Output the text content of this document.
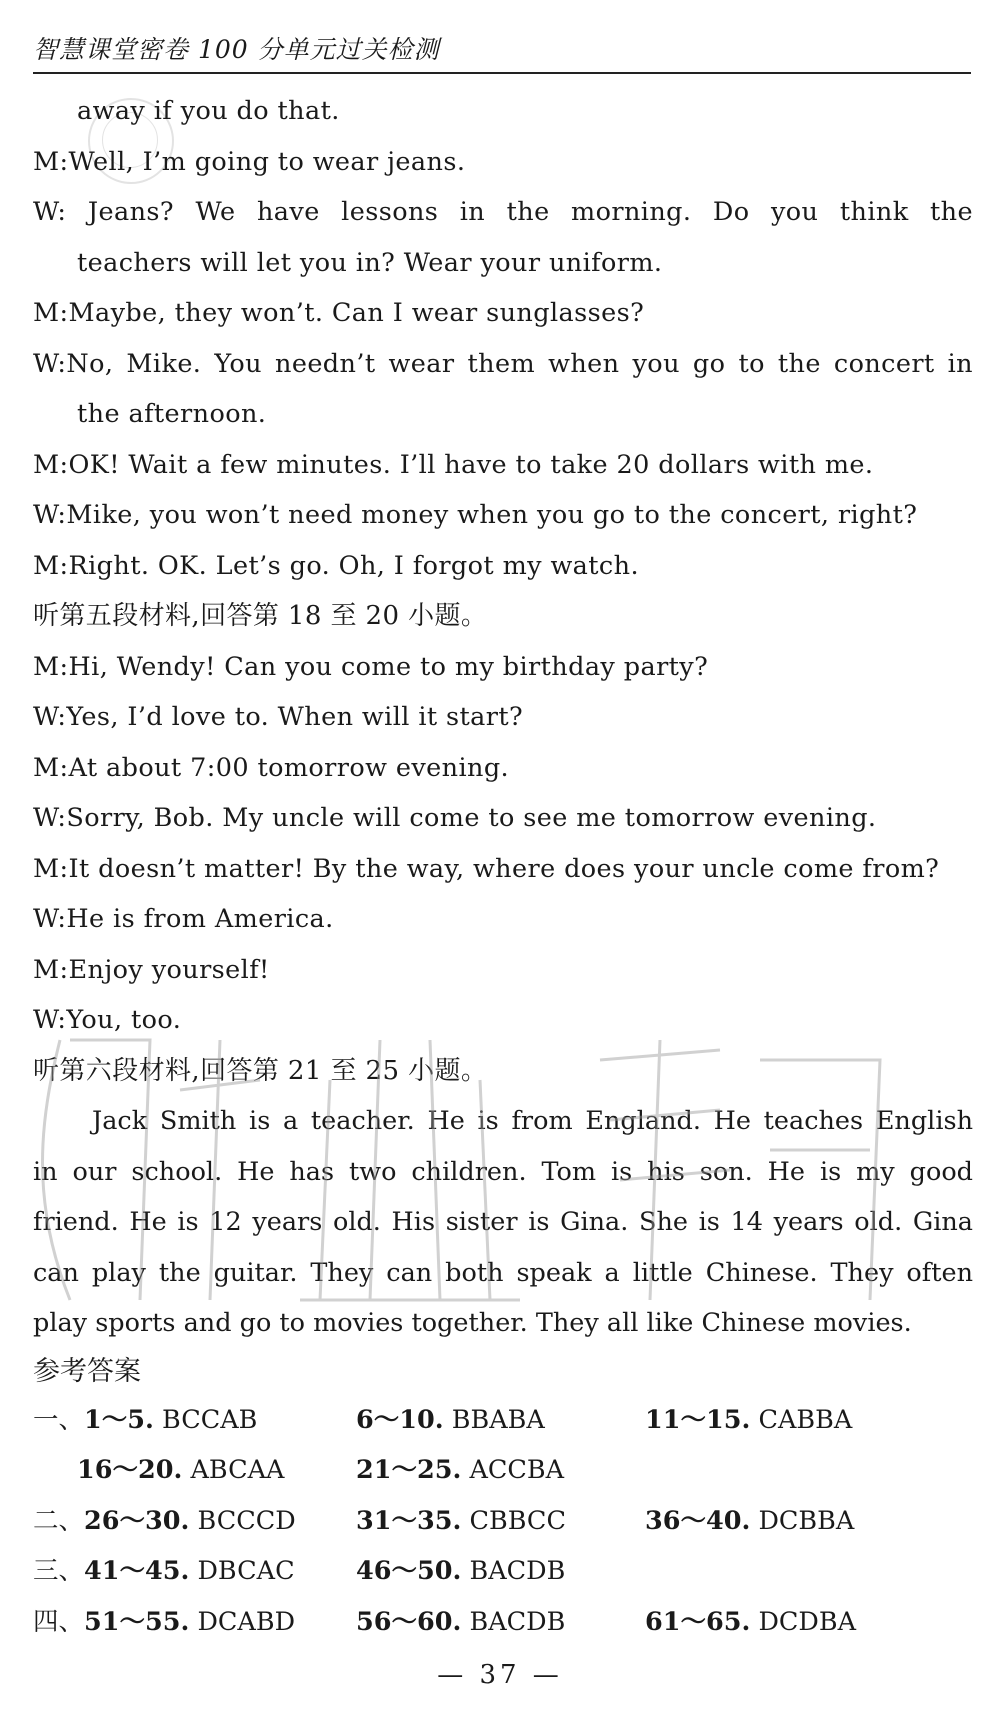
智慧课堂密卷 100 分单元过关检测
away if you do that.
M:Well, I’m going to wear jeans.
W: Jeans? We have lessons in the morning. Do you think the
teachers will let you in? Wear your uniform.
M:Maybe, they won’t. Can I wear sunglasses?
W:No, Mike. You needn’t wear them when you go to the concert in
the afternoon.
M:OK! Wait a few minutes. I’ll have to take 20 dollars with me.
W:Mike, you won’t need money when you go to the concert, right?
M:Right. OK. Let’s go. Oh, I forgot my watch.
听第五段材料,回答第 18 至 20 小题。
M:Hi, Wendy! Can you come to my birthday party?
W:Yes, I’d love to. When will it start?
M:At about 7:00 tomorrow evening.
W:Sorry, Bob. My uncle will come to see me tomorrow evening.
M:It doesn’t matter! By the way, where does your uncle come from?
W:He is from America.
M:Enjoy yourself!
W:You, too.
听第六段材料,回答第 21 至 25 小题。
Jack Smith is a teacher. He is from England. He teaches English
in our school. He has two children. Tom is his son. He is my good
friend. He is 12 years old. His sister is Gina. She is 14 years old. Gina
can play the guitar. They can both speak a little Chinese. They often
play sports and go to movies together. They all like Chinese movies.
参考答案
一、1～5. BCCAB	6～10. BBABA	11～15. CABBA
16～20. ABCAA	21～25. ACCBA
二、26～30. BCCCD 31～35. CBBCC	36～40. DCBBA
三、41～45. DBCAC 46～50. BACDB
四、51～55. DCABD 56～60. BACDB	61～65. DCDBA
— 37 —
